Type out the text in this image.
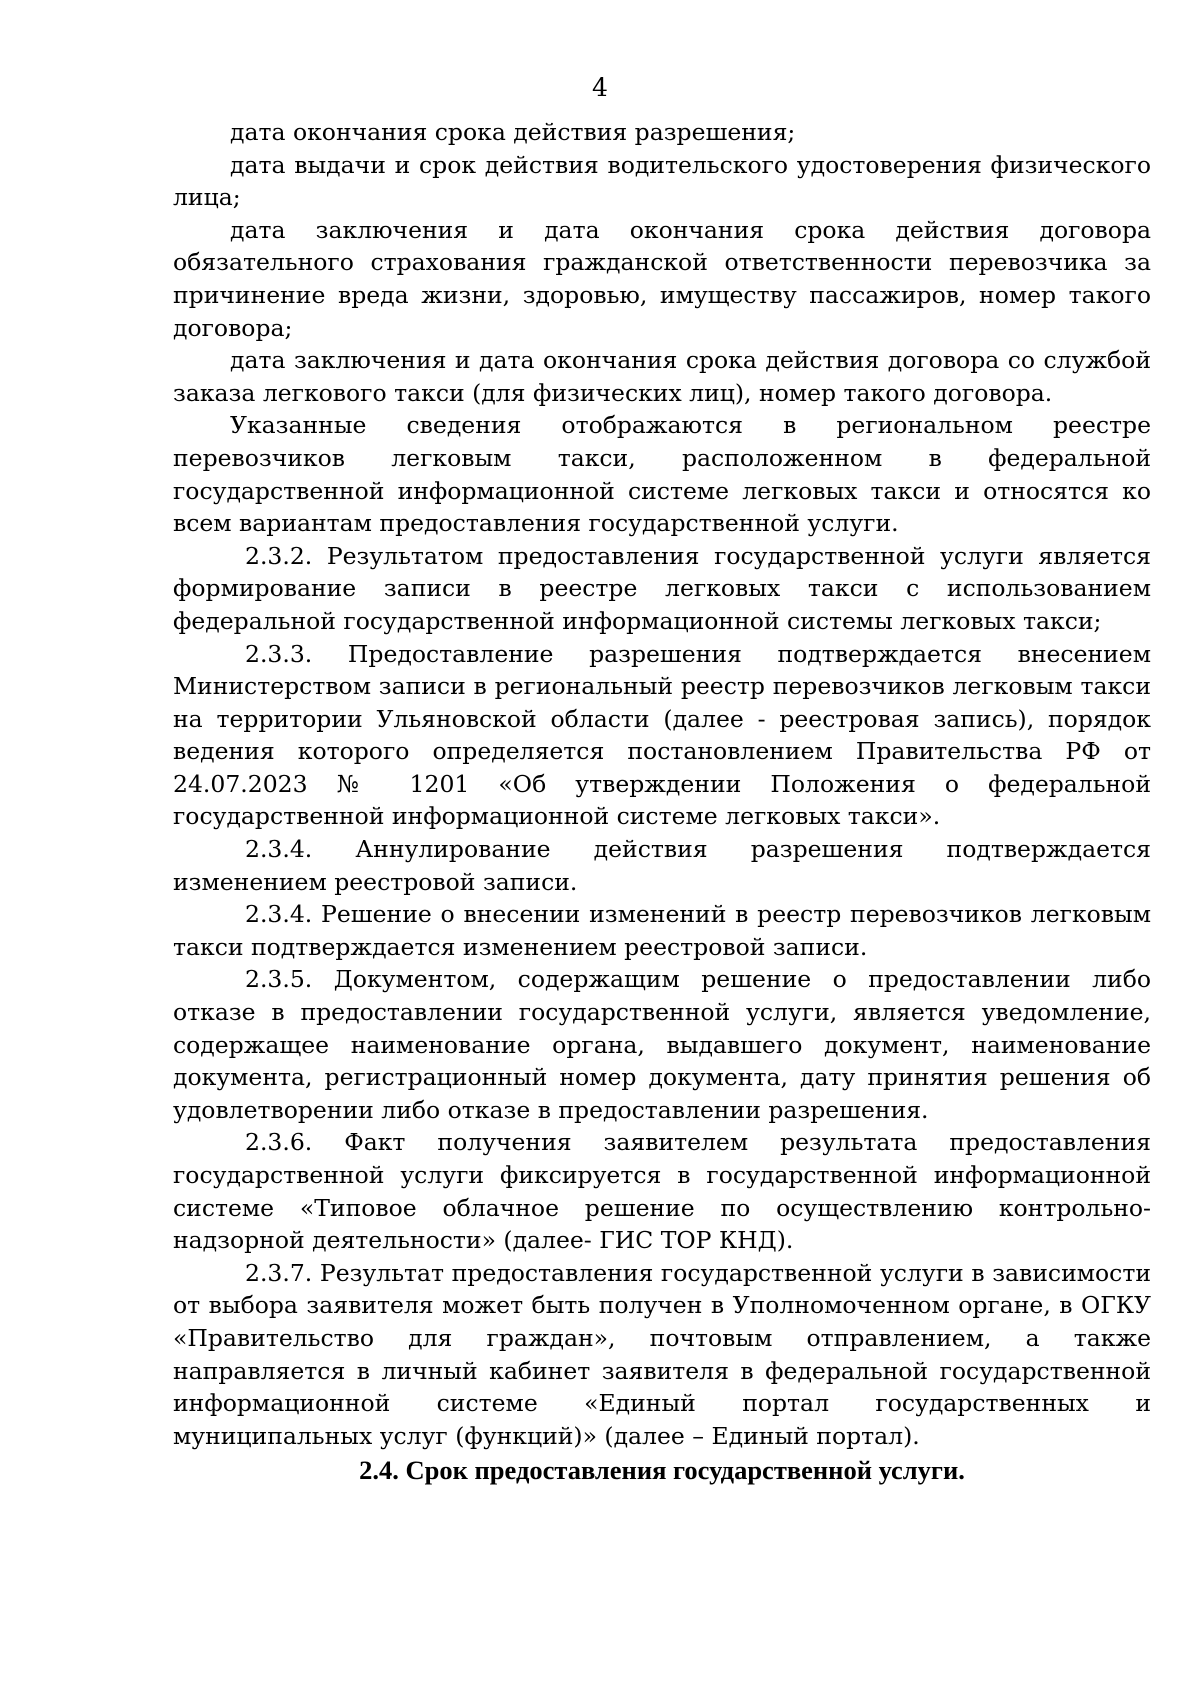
4

дата окончания срока действия разрешения;

дата выдачи и срок действия водительского удостоверения физического лица;

дата заключения и дата окончания срока действия договора обязательного страхования гражданской ответственности перевозчика за причинение вреда жизни, здоровью, имуществу пассажиров, номер такого договора;

дата заключения и дата окончания срока действия договора со службой заказа легкового такси (для физических лиц), номер такого договора.

Указанные сведения отображаются в региональном реестре перевозчиков легковым такси, расположенном в федеральной государственной информационной системе легковых такси и относятся ко всем вариантам предоставления государственной услуги.

2.3.2. Результатом предоставления государственной услуги является формирование записи в реестре легковых такси с использованием федеральной государственной информационной системы легковых такси;

2.3.3. Предоставление разрешения подтверждается внесением Министерством записи в региональный реестр перевозчиков легковым такси на территории Ульяновской области (далее - реестровая запись), порядок ведения которого определяется постановлением Правительства РФ от 24.07.2023 № 1201 «Об утверждении Положения о федеральной государственной информационной системе легковых такси».

2.3.4. Аннулирование действия разрешения подтверждается изменением реестровой записи.

2.3.4. Решение о внесении изменений в реестр перевозчиков легковым такси подтверждается изменением реестровой записи.

2.3.5. Документом, содержащим решение о предоставлении либо отказе в предоставлении государственной услуги, является уведомление, содержащее наименование органа, выдавшего документ, наименование документа, регистрационный номер документа, дату принятия решения об удовлетворении либо отказе в предоставлении разрешения.

2.3.6. Факт получения заявителем результата предоставления государственной услуги фиксируется в государственной информационной системе «Типовое облачное решение по осуществлению контрольно-надзорной деятельности» (далее- ГИС ТОР КНД).

2.3.7. Результат предоставления государственной услуги в зависимости от выбора заявителя может быть получен в Уполномоченном органе, в ОГКУ «Правительство для граждан», почтовым отправлением, а также направляется в личный кабинет заявителя в федеральной государственной информационной системе «Единый портал государственных и муниципальных услуг (функций)» (далее – Единый портал).

2.4. Срок предоставления государственной услуги.
